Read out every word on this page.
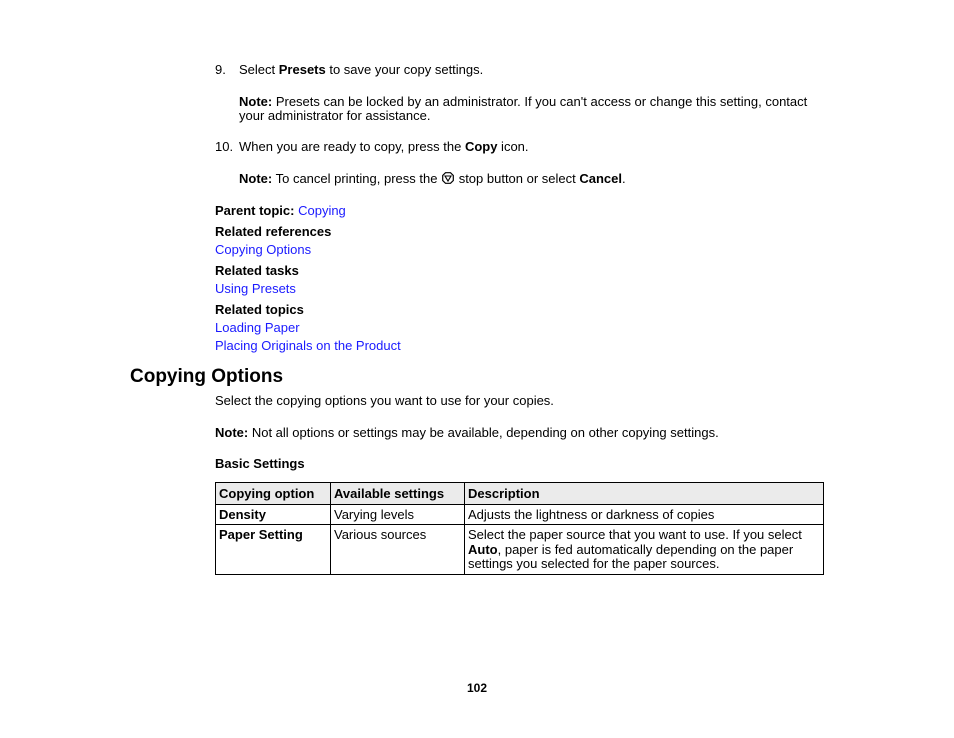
9. Select Presets to save your copy settings.
Note: Presets can be locked by an administrator. If you can't access or change this setting, contact
your administrator for assistance.
10. When you are ready to copy, press the Copy icon.
Note: To cancel printing, press the  stop button or select Cancel.
Parent topic: Copying
Related references
Copying Options
Related tasks
Using Presets
Related topics
Loading Paper
Placing Originals on the Product
Copying Options
Select the copying options you want to use for your copies.
Note: Not all options or settings may be available, depending on other copying settings.
Basic Settings
Copying option	Available settings	Description
Density	Varying levels	Adjusts the lightness or darkness of copies
Paper Setting	Various sources	Select the paper source that you want to use. If you select
Auto, paper is fed automatically depending on the paper
settings you selected for the paper sources.
102
